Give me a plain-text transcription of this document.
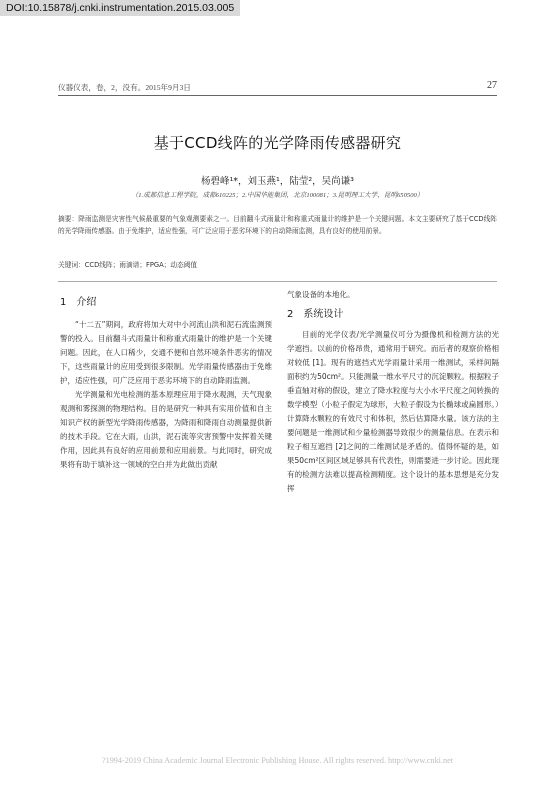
DOI:10.15878/j.cnki.instrumentation.2015.03.005
仪器仪表，卷，2，没有。2015年9月3日	27
基于CCD线阵的光学降雨传感器研究
杨碧峰¹*，刘玉燕¹，陆莹²，吴尚谦³
（1.成都信息工程学院，成都610225；2.中国华能集团，北京100081；3.昆明理工大学，昆明650500）
摘要：降雨监测是灾害性气候最重要的气象观测要素之一。目前翻斗式雨量计和称重式雨量计的维护是一个关键问题。本文主要研究了基于CCD线阵的光学降雨传感器。由于免维护，适应性强，可广泛应用于恶劣环境下的自动降雨监测，具有良好的使用前景。
关键词：CCD线阵；雨滴谱；FPGA；动态阈值
1　介绍

“十二五”期间，政府将加大对中小河流山洪和泥石流监测预警的投入。目前翻斗式雨量计和称重式雨量计的维护是一个关键问题。因此，在人口稀少，交通不便和自然环境条件恶劣的情况下，这些雨量计的应用受到很多限制。光学雨量传感器由于免维护，适应性强，可广泛应用于恶劣环境下的自动降雨监测。

光学测量和光电检测的基本原理应用于降水观测，天气现象观测和雾探测的物理结构。目的是研究一种具有实用价值和自主知识产权的新型光学降雨传感器，为降雨和降雨自动测量提供新的技术手段。它在大雨，山洪，泥石流等灾害预警中发挥着关键作用，因此具有良好的应用前景和应用前景。与此同时，研究成果将有助于填补这一领域的空白并为此做出贡献

气象设备的本地化。

2　系统设计

目前的光学仪表/光学测量仪可分为摄像机和检测方法的光学遮挡。以前的价格昂贵，通常用于研究。而后者的观察价格相对较低 [1]。现有的遮挡式光学雨量计采用一维测试，采样间隔面积约为50cm²。只能测量一维水平尺寸的沉淀颗粒。根据粒子垂直轴对称的假设，建立了降水粒度与大小水平尺度之间转换的数学模型（小粒子假定为球形，大粒子假设为长椭球或扁圆形。）计算降水颗粒的有效尺寸和体积，然后估算降水量。该方法的主要问题是一维测试和少量检测器导致很少的测量信息。在表示和粒子相互遮挡 [2]之间的二维测试是矛盾的。值得怀疑的是，如果50cm²区间区域足够具有代表性，则需要进一步讨论。因此现有的检测方法难以提高检测精度。这个设计的基本思想是充分发挥

?1994-2019 China Academic Journal Electronic Publishing House. All rights reserved. http://www.cnki.net
